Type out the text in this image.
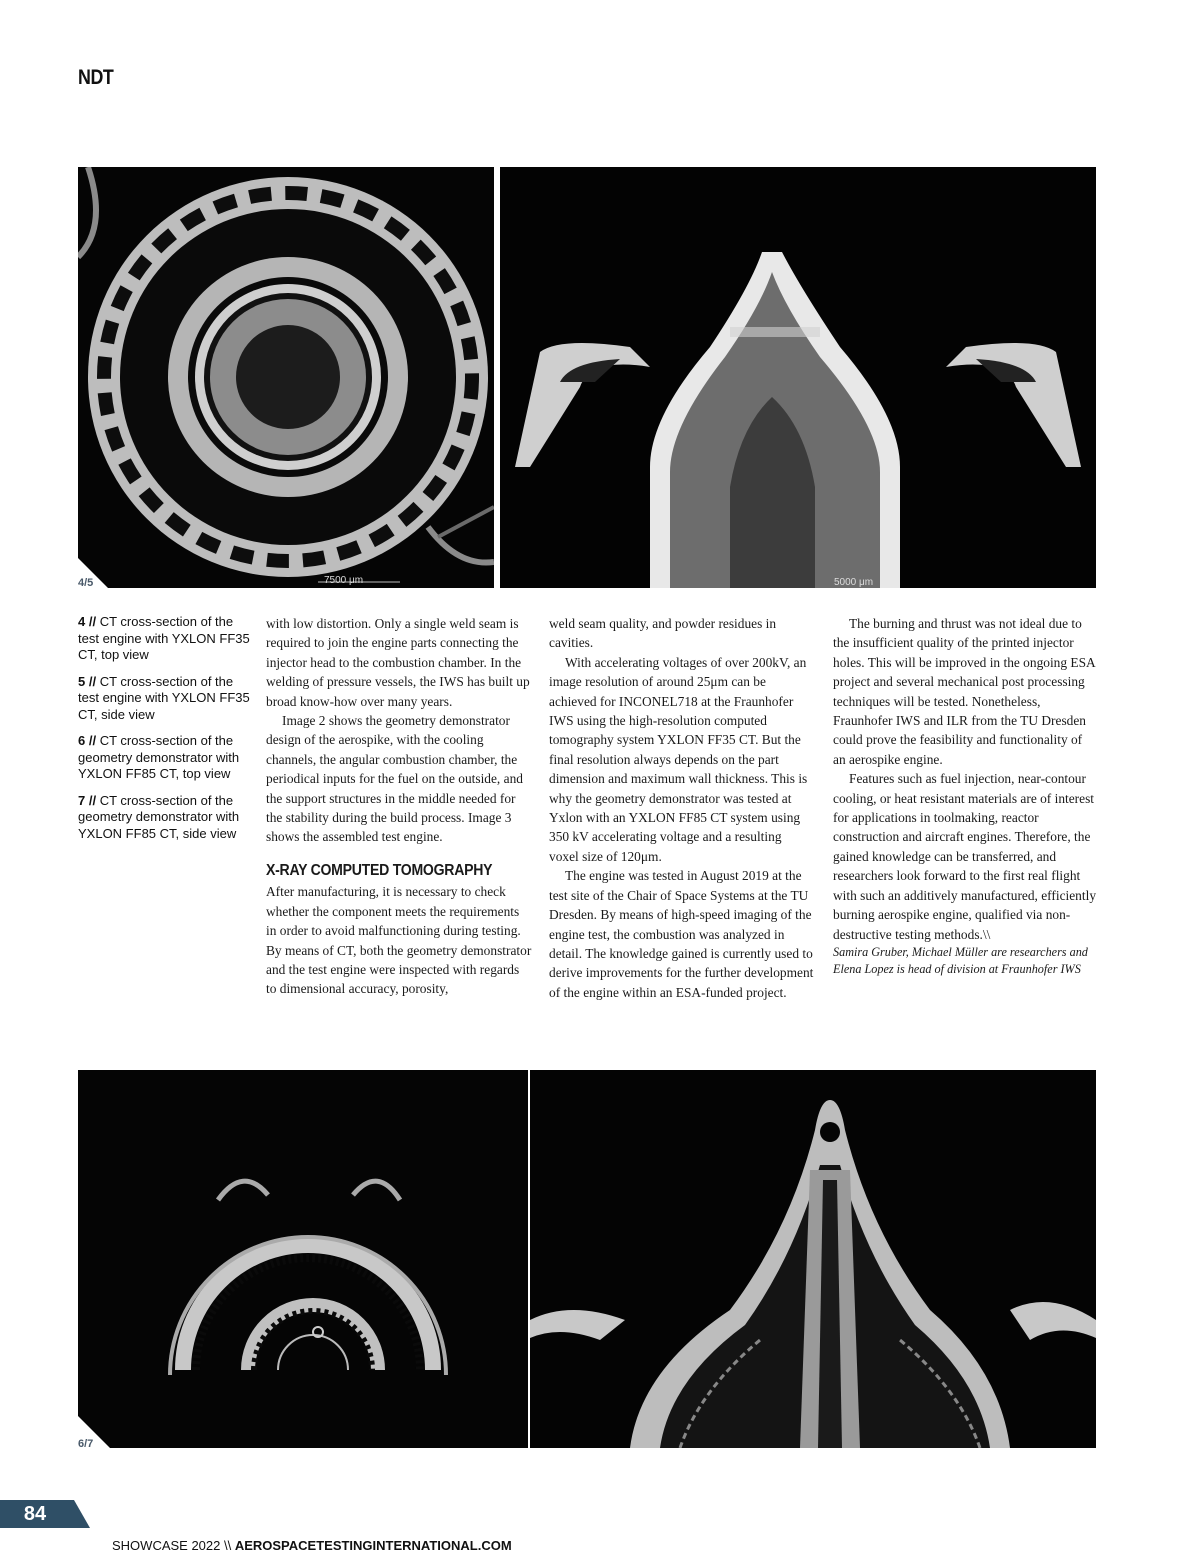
NDT
7500 μm	5000 μm
4/5
4 // CT cross-section of the test engine with YXLON FF35 CT, top view
5 // CT cross-section of the test engine with YXLON FF35 CT, side view
6 // CT cross-section of the geometry demonstrator with YXLON FF85 CT, top view
7 // CT cross-section of the geometry demonstrator with YXLON FF85 CT, side view

with low distortion. Only a single weld seam is required to join the engine parts connecting the injector head to the combustion chamber. In the welding of pressure vessels, the IWS has built up broad know-how over many years.

Image 2 shows the geometry demonstrator design of the aerospike, with the cooling channels, the angular combustion chamber, the periodical inputs for the fuel on the outside, and the support structures in the middle needed for the stability during the build process. Image 3 shows the assembled test engine.

X-RAY COMPUTED TOMOGRAPHY

After manufacturing, it is necessary to check whether the component meets the requirements in order to avoid malfunctioning during testing. By means of CT, both the geometry demonstrator and the test engine were inspected with regards to dimensional accuracy, porosity,

weld seam quality, and powder residues in cavities.

With accelerating voltages of over 200kV, an image resolution of around 25μm can be achieved for INCONEL718 at the Fraunhofer IWS using the high-resolution computed tomography system YXLON FF35 CT. But the final resolution always depends on the part dimension and maximum wall thickness. This is why the geometry demonstrator was tested at Yxlon with an YXLON FF85 CT system using 350 kV accelerating voltage and a resulting voxel size of 120μm.

The engine was tested in August 2019 at the test site of the Chair of Space Systems at the TU Dresden. By means of high-speed imaging of the engine test, the combustion was analyzed in detail. The knowledge gained is currently used to derive improvements for the further development of the engine within an ESA-funded project.

The burning and thrust was not ideal due to the insufficient quality of the printed injector holes. This will be improved in the ongoing ESA project and several mechanical post processing techniques will be tested. Nonetheless, Fraunhofer IWS and ILR from the TU Dresden could prove the feasibility and functionality of an aerospike engine.

Features such as fuel injection, near-contour cooling, or heat resistant materials are of interest for applications in toolmaking, reactor construction and aircraft engines. Therefore, the gained knowledge can be transferred, and researchers look forward to the first real flight with such an additively manufactured, efficiently burning aerospike engine, qualified via non-destructive testing methods.\\

Samira Gruber, Michael Müller are researchers and Elena Lopez is head of division at Fraunhofer IWS

6/7
84
SHOWCASE 2022 \\ AEROSPACETESTINGINTERNATIONAL.COM
